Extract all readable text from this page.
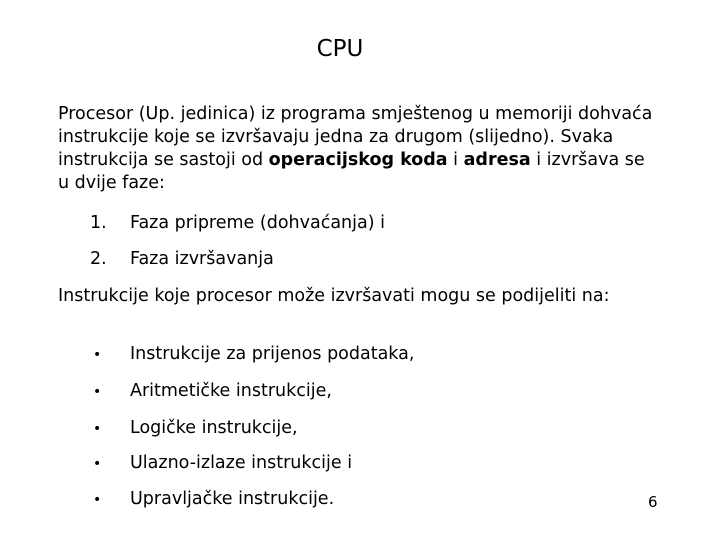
CPU
Procesor (Up. jedinica) iz programa smještenog u memoriji dohvaća instrukcije koje se izvršavaju jedna za drugom (slijedno). Svaka instrukcija se sastoji od operacijskog koda i adresa i izvršava se u dvije faze:
1. Faza pripreme (dohvaćanja) i
2. Faza izvršavanja
Instrukcije koje procesor može izvršavati mogu se podijeliti na:
• Instrukcije za prijenos podataka,
• Aritmetičke instrukcije,
• Logičke instrukcije,
• Ulazno-izlaze instrukcije i
• Upravljačke instrukcije.	6
